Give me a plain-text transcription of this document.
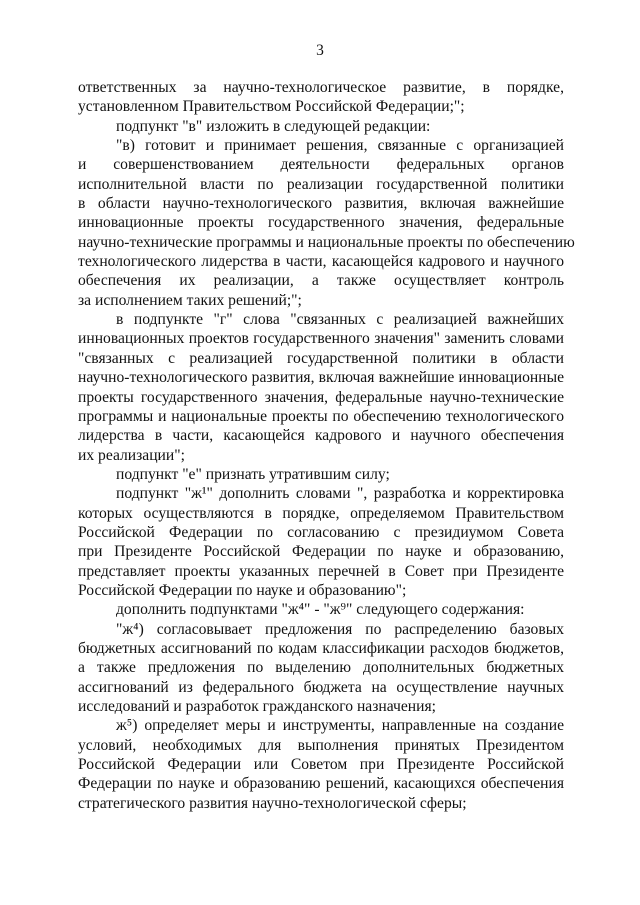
3
ответственных за научно-технологическое развитие, в порядке,
установленном Правительством Российской Федерации;";
подпункт "в" изложить в следующей редакции:
"в) готовит и принимает решения, связанные с организацией
и совершенствованием деятельности федеральных органов
исполнительной власти по реализации государственной политики
в области научно-технологического развития, включая важнейшие
инновационные проекты государственного значения, федеральные
научно-технические программы и национальные проекты по обеспечению
технологического лидерства в части, касающейся кадрового и научного
обеспечения их реализации, а также осуществляет контроль
за исполнением таких решений;";
в подпункте "г" слова "связанных с реализацией важнейших
инновационных проектов государственного значения" заменить словами
"связанных с реализацией государственной политики в области
научно-технологического развития, включая важнейшие инновационные
проекты государственного значения, федеральные научно-технические
программы и национальные проекты по обеспечению технологического
лидерства в части, касающейся кадрового и научного обеспечения
их реализации";
подпункт "е" признать утратившим силу;
подпункт "ж¹" дополнить словами ", разработка и корректировка
которых осуществляются в порядке, определяемом Правительством
Российской Федерации по согласованию с президиумом Совета
при Президенте Российской Федерации по науке и образованию,
представляет проекты указанных перечней в Совет при Президенте
Российской Федерации по науке и образованию";
дополнить подпунктами "ж⁴" - "ж⁹" следующего содержания:
"ж⁴) согласовывает предложения по распределению базовых
бюджетных ассигнований по кодам классификации расходов бюджетов,
а также предложения по выделению дополнительных бюджетных
ассигнований из федерального бюджета на осуществление научных
исследований и разработок гражданского назначения;
ж⁵) определяет меры и инструменты, направленные на создание
условий, необходимых для выполнения принятых Президентом
Российской Федерации или Советом при Президенте Российской
Федерации по науке и образованию решений, касающихся обеспечения
стратегического развития научно-технологической сферы;
